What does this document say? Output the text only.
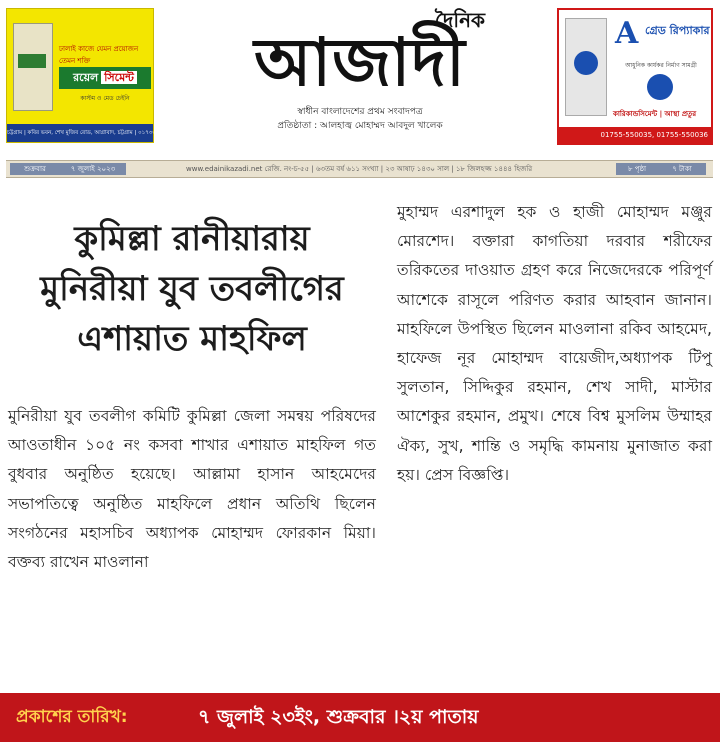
ঢালাই কাজে যেমন প্রয়োজন তেমন শক্তি
রয়েল সিমেন্ট
কাস্টম ও মেড চেইনি
চট্টগ্রাম | কবির ভবন, শেখ মুজিব রোড, আগ্রাবাদ, চট্টগ্রাম | ০১৭৩৩-৩৩৩৩৩৩
দৈনিক
আজাদী
স্বাধীন বাংলাদেশের প্রথম সংবাদপত্র
প্রতিষ্ঠাতা : আলহাজ্ব মোহাম্মদ আবদুল খালেক
A গ্রেড রিপ্যাকার
আধুনিক কার্যকর নির্মাণ সামগ্রী
কারিকান্ডসিমেন্ট | আস্থা প্রতুর
01755-550035, 01755-550036
শুক্রবার	৭ জুলাই ২০২৩	www.edainikazadi.net রেজি. নং-চ-৫৫ | ৬৩তম বর্ষ ৬১১ সংখ্যা | ২৩ আষাঢ় ১৪৩০ সাল | ১৮ জিলহজ্জ ১৪৪৪ হিজরি	৮ পৃষ্ঠা	৭ টাকা
কুমিল্লা রানীয়ারায়
মুনিরীয়া যুব তবলীগের
এশায়াত মাহফিল

মুনিরীয়া যুব তবলীগ কমিটি কুমিল্লা জেলা সমন্বয় পরিষদের আওতাধীন ১০৫ নং কসবা শাখার এশায়াত মাহফিল গত বুধবার অনুষ্ঠিত হয়েছে। আল্লামা হাসান আহমেদের সভাপতিত্বে অনুষ্ঠিত মাহফিলে প্রধান অতিথি ছিলেন সংগঠনের মহাসচিব অধ্যাপক মোহাম্মদ ফোরকান মিয়া। বক্তব্য রাখেন মাওলানা

মুহাম্মদ এরশাদুল হক ও হাজী মোহাম্মদ মঞ্জুর মোরশেদ। বক্তারা কাগতিয়া দরবার শরীফের তরিকতের দাওয়াত গ্রহণ করে নিজেদেরকে পরিপূর্ণ আশেকে রাসূলে পরিণত করার আহবান জানান। মাহফিলে উপস্থিত ছিলেন মাওলানা রকিব আহমেদ, হাফেজ নূর মোহাম্মদ বায়েজীদ,অধ্যাপক টিপু সুলতান, সিদ্দিকুর রহমান, শেখ সাদী, মাস্টার আশেকুর রহমান, প্রমুখ। শেষে বিশ্ব মুসলিম উম্মাহর ঐক্য, সুখ, শান্তি ও সমৃদ্ধি কামনায় মুনাজাত করা হয়। প্রেস বিজ্ঞপ্তি।

প্রকাশের তারিখ:	৭ জুলাই ২৩ইং, শুক্রবার ।২য় পাতায়
